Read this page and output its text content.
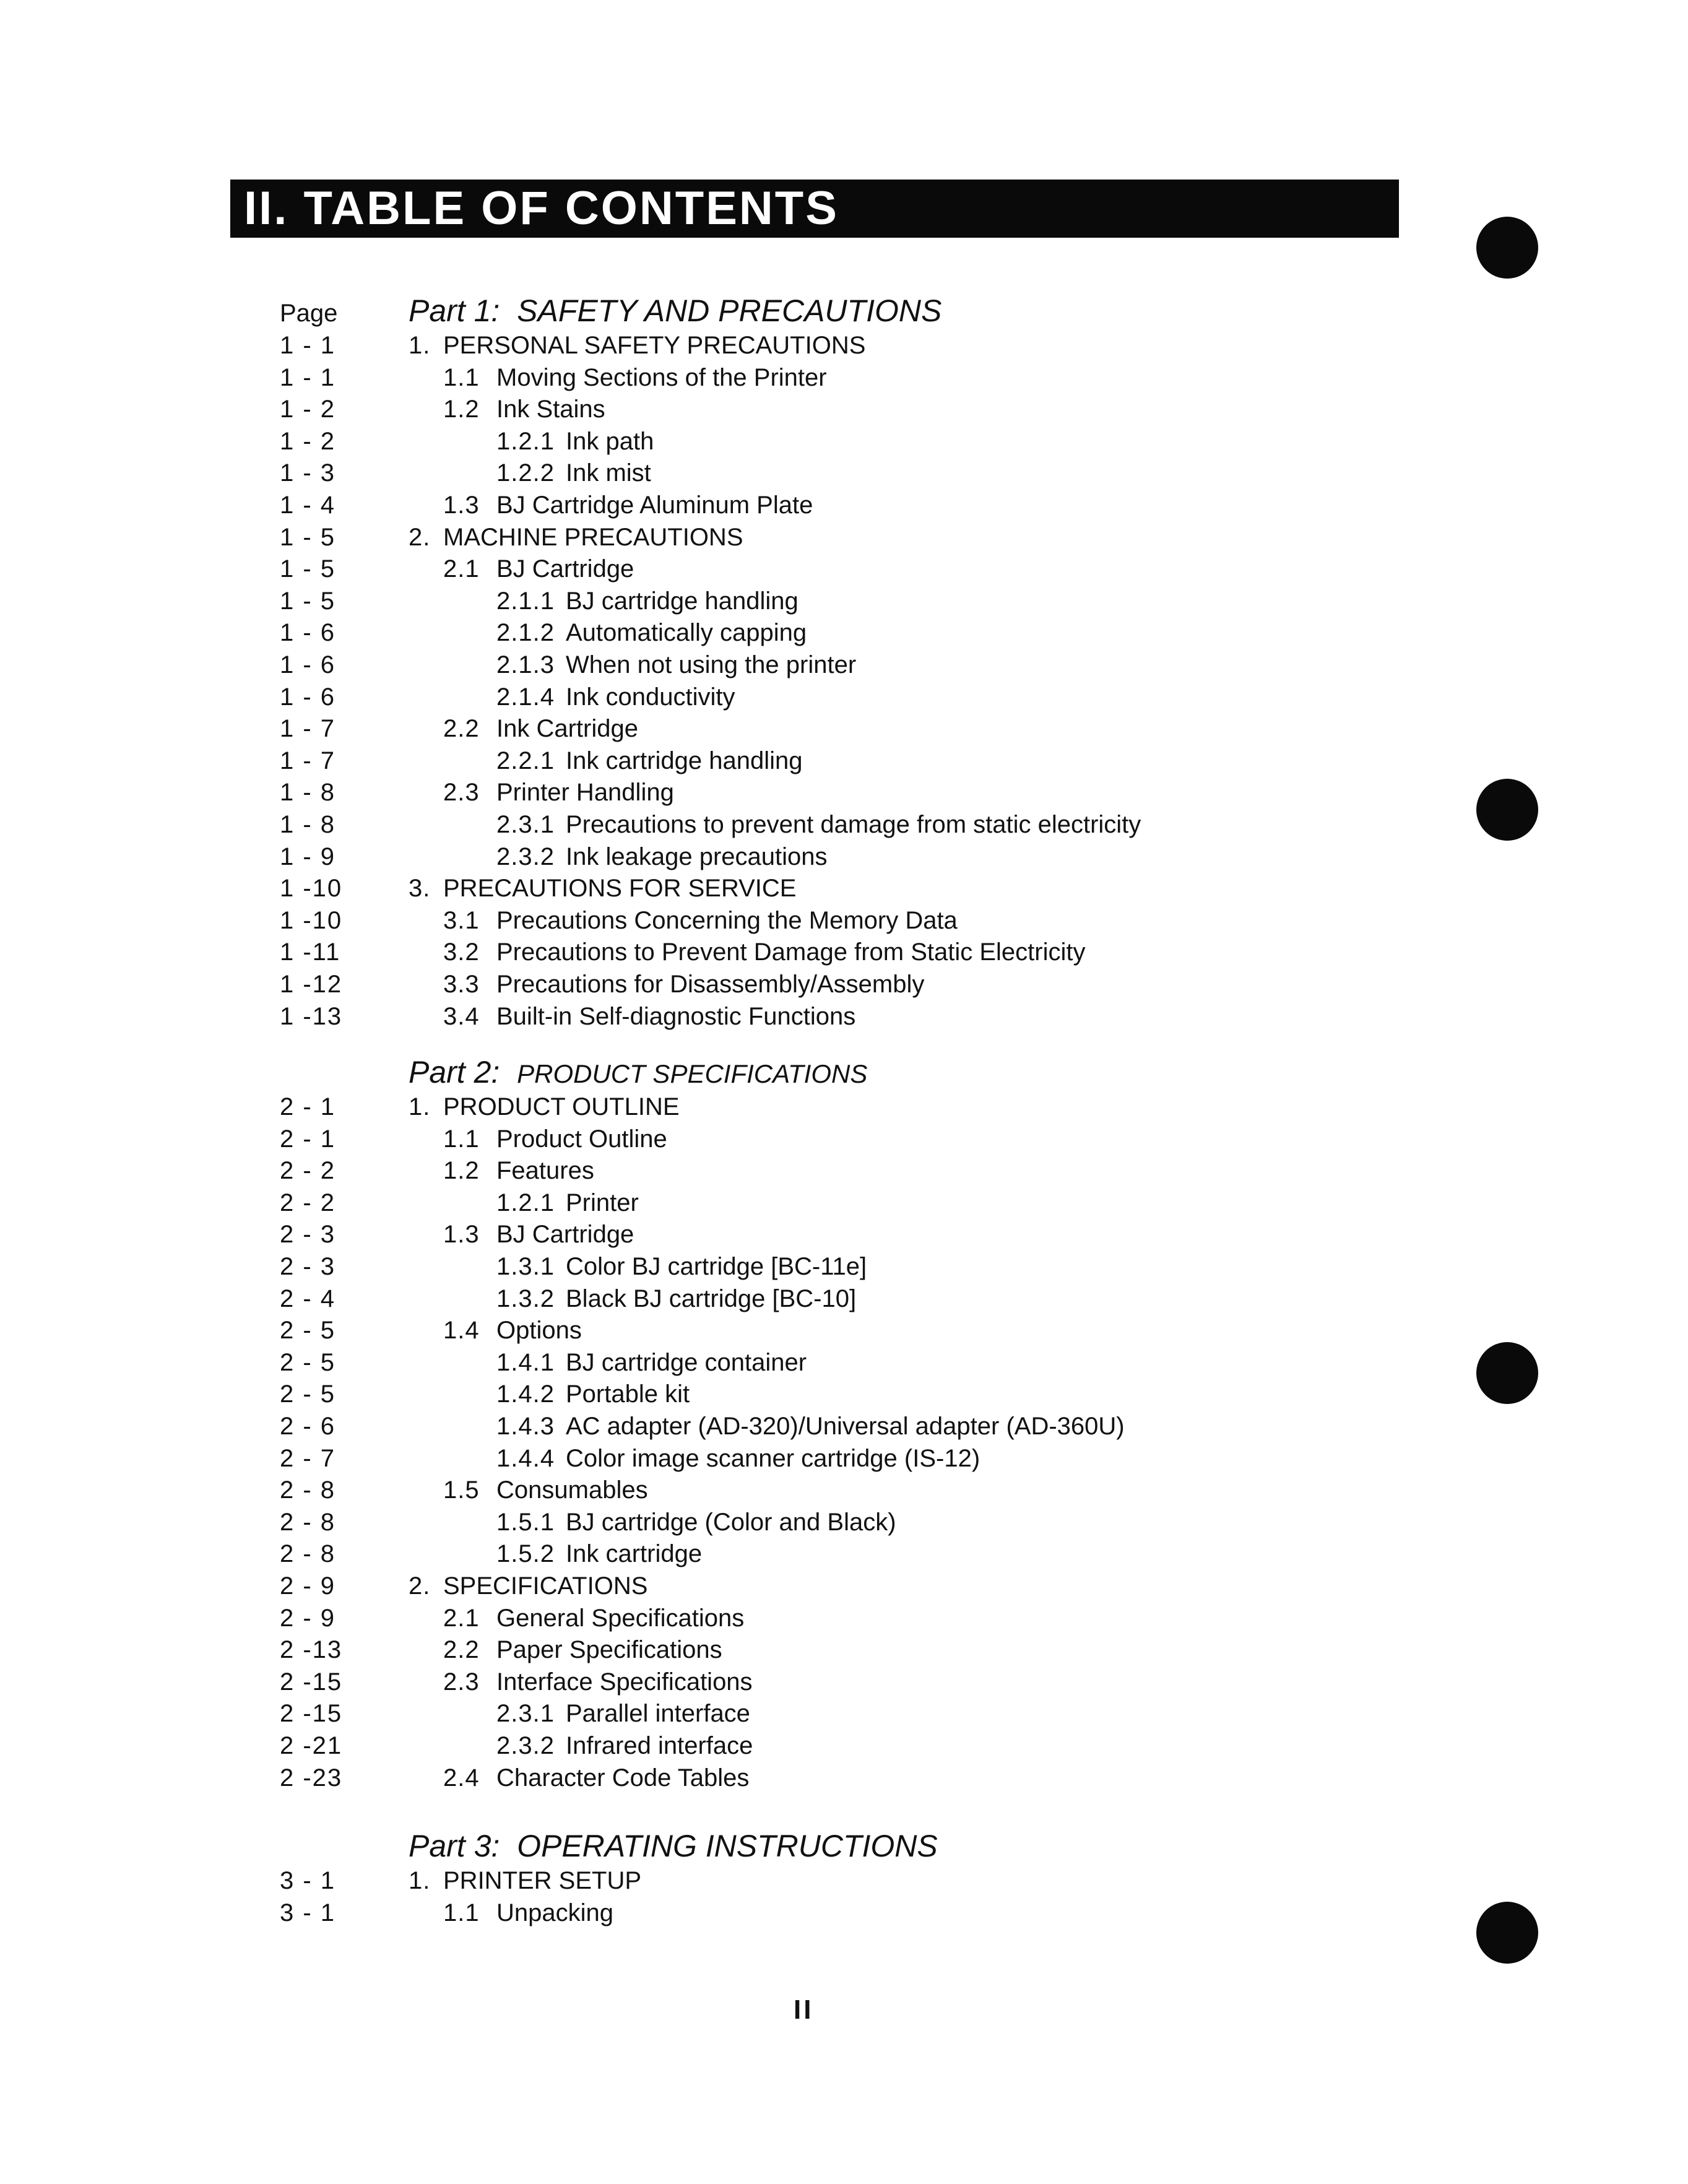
II. TABLE OF CONTENTS
Page Part 1: SAFETY AND PRECAUTIONS
1 - 1	1. PERSONAL SAFETY PRECAUTIONS
1 - 1	1.1 Moving Sections of the Printer
1 - 2	1.2 Ink Stains
1 - 2	1.2.1 Ink path
1 - 3	1.2.2 Ink mist
1 - 4	1.3 BJ Cartridge Aluminum Plate
1 - 5	2. MACHINE PRECAUTIONS
1 - 5	2.1 BJ Cartridge
1 - 5	2.1.1 BJ cartridge handling
1 - 6	2.1.2 Automatically capping
1 - 6	2.1.3 When not using the printer
1 - 6	2.1.4 Ink conductivity
1 - 7	2.2 Ink Cartridge
1 - 7	2.2.1 Ink cartridge handling
1 - 8	2.3 Printer Handling
1 - 8	2.3.1 Precautions to prevent damage from static electricity
1 - 9	2.3.2 Ink leakage precautions
1 -10	3. PRECAUTIONS FOR SERVICE
1 -10	3.1 Precautions Concerning the Memory Data
1 -11	3.2 Precautions to Prevent Damage from Static Electricity
1 -12	3.3 Precautions for Disassembly/Assembly
1 -13	3.4 Built-in Self-diagnostic Functions
Part 2: PRODUCT SPECIFICATIONS
2 - 1	1. PRODUCT OUTLINE
2 - 1	1.1 Product Outline
2 - 2	1.2 Features
2 - 2	1.2.1 Printer
2 - 3	1.3 BJ Cartridge
2 - 3	1.3.1 Color BJ cartridge [BC-11e]
2 - 4	1.3.2 Black BJ cartridge [BC-10]
2 - 5	1.4 Options
2 - 5	1.4.1 BJ cartridge container
2 - 5	1.4.2 Portable kit
2 - 6	1.4.3 AC adapter (AD-320)/Universal adapter (AD-360U)
2 - 7	1.4.4 Color image scanner cartridge (IS-12)
2 - 8	1.5 Consumables
2 - 8	1.5.1 BJ cartridge (Color and Black)
2 - 8	1.5.2 Ink cartridge
2 - 9	2. SPECIFICATIONS
2 - 9	2.1 General Specifications
2 -13	2.2 Paper Specifications
2 -15	2.3 Interface Specifications
2 -15	2.3.1 Parallel interface
2 -21	2.3.2 Infrared interface
2 -23	2.4 Character Code Tables
Part 3: OPERATING INSTRUCTIONS
3 - 1	1. PRINTER SETUP
3 - 1	1.1 Unpacking
II
